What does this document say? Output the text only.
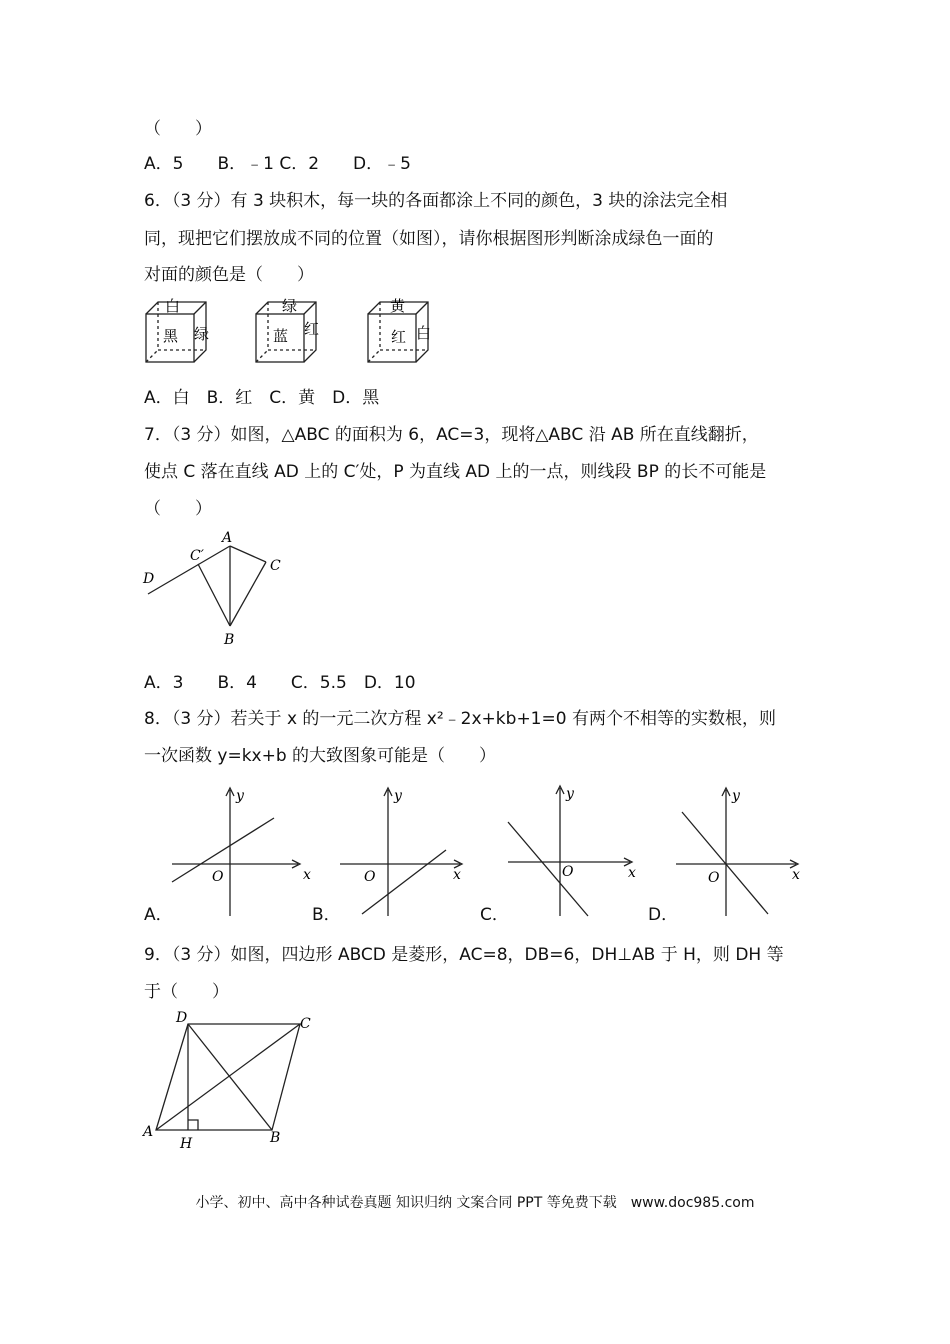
（　　）
A．5　　B．﹣1 C．2　　D．﹣5
6．（3 分）有 3 块积木，每一块的各面都涂上不同的颜色，3 块的涂法完全相
同，现把它们摆放成不同的位置（如图），请你根据图形判断涂成绿色一面的
对面的颜色是（　　）
白
黑 绿
绿
蓝 红
黄
红 白
A．白　B．红　C．黄　D．黑
7．（3 分）如图，△ABC 的面积为 6，AC=3，现将△ABC 沿 AB 所在直线翻折，
使点 C 落在直线 AD 上的 C′处，P 为直线 AD 上的一点，则线段 BP 的长不可能是
（　　）
A
B
C
C′
D
A．3　　B．4　　C．5.5　D．10
8．（3 分）若关于 x 的一元二次方程 x²﹣2x+kb+1=0 有两个不相等的实数根，则
一次函数 y=kx+b 的大致图象可能是（　　）
A．
x
y
O
B．
x
y
O
C．
x
y
O
D．
x
y
O
9．（3 分）如图，四边形 ABCD 是菱形，AC=8，DB=6，DH⊥AB 于 H，则 DH 等
于（　　）
D	C
A	B
H
小学、初中、高中各种试卷真题 知识归纳 文案合同 PPT 等免费下载　www.doc985.com
